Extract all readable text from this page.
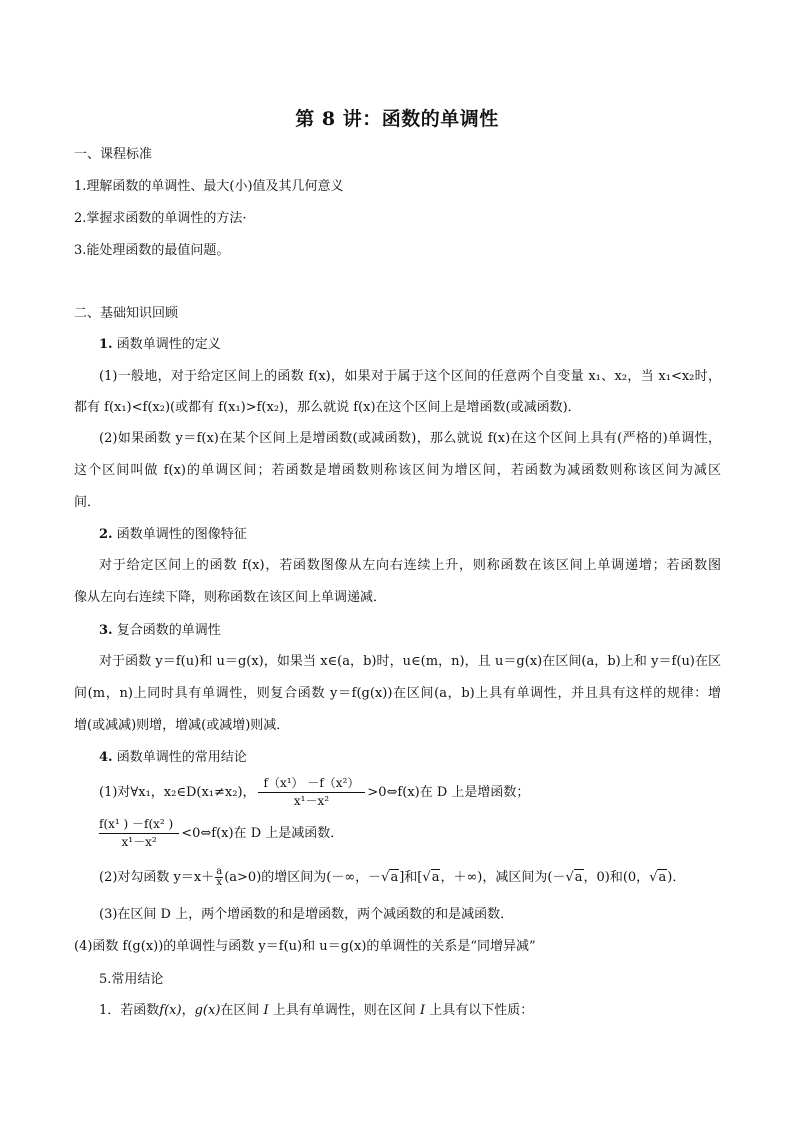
第 8 讲：函数的单调性
一、课程标准
1.理解函数的单调性、最大(小)值及其几何意义
2.掌握求函数的单调性的方法·
3.能处理函数的最值问题。
二、基础知识回顾
1. 函数单调性的定义
(1)一般地，对于给定区间上的函数 f(x)，如果对于属于这个区间的任意两个自变量 x₁、x₂，当 x₁<x₂时，
都有 f(x₁)<f(x₂)(或都有 f(x₁)>f(x₂)，那么就说 f(x)在这个区间上是增函数(或减函数)．
(2)如果函数 y＝f(x)在某个区间上是增函数(或减函数)，那么就说 f(x)在这个区间上具有(严格的)单调性，
这个区间叫做 f(x)的单调区间；若函数是增函数则称该区间为增区间，若函数为减函数则称该区间为减区
间．
2. 函数单调性的图像特征
对于给定区间上的函数 f(x)，若函数图像从左向右连续上升，则称函数在该区间上单调递增；若函数图
像从左向右连续下降，则称函数在该区间上单调递减．
3. 复合函数的单调性
对于函数 y＝f(u)和 u＝g(x)，如果当 x∈(a，b)时，u∈(m，n)，且 u＝g(x)在区间(a，b)上和 y＝f(u)在区
间(m，n)上同时具有单调性，则复合函数 y＝f(g(x))在区间(a，b)上具有单调性，并且具有这样的规律：增
增(或减减)则增，增减(或减增)则减．
4. 函数单调性的常用结论
(1)对∀x₁，x₂∈D(x₁≠x₂)， $\frac{\text{f（x¹） －f（x²）}}{\text{x¹－x²}}$ >0⇔f(x)在 D 上是增函数；
$\frac{\text{f(x¹ ) －f(x² )}}{\text{x¹－x²}}$ <0⇔f(x)在 D 上是减函数．
(2)对勾函数 $y=x+ \frac{a}{x} (a>0)$的增区间为(－∞，－√a]和[√a，＋∞)，减区间为(－√a，0)和(0，√a)．
(3)在区间 D 上，两个增函数的和是增函数，两个减函数的和是减函数．
(4)函数 f(g(x))的单调性与函数 y＝f(u)和 u＝g(x)的单调性的关系是“同增异减”
5.常用结论
1．若函数f(x)，g(x)在区间 I 上具有单调性，则在区间 I 上具有以下性质：
